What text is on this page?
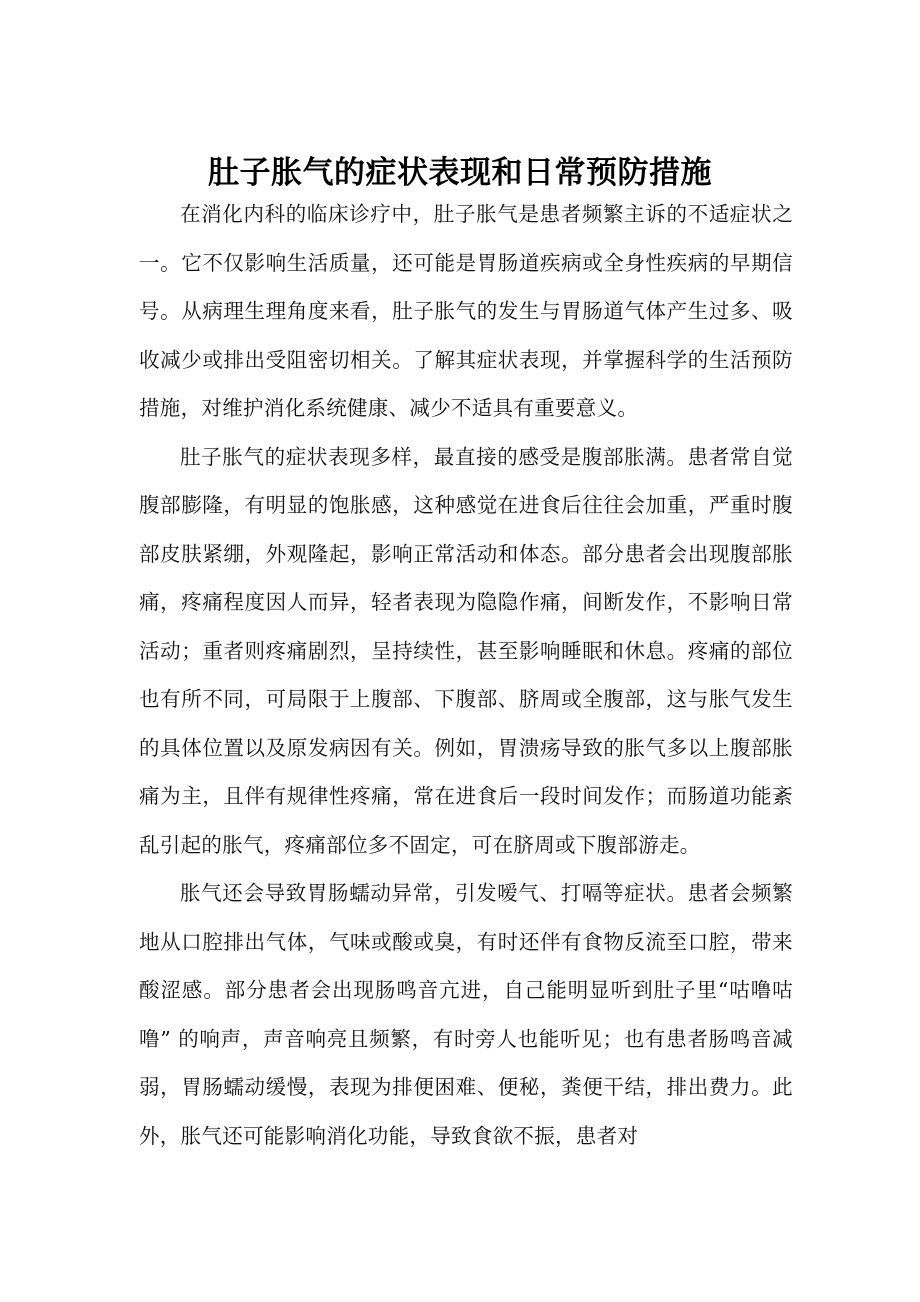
肚子胀气的症状表现和日常预防措施

在消化内科的临床诊疗中，肚子胀气是患者频繁主诉的不适症状之一。它不仅影响生活质量，还可能是胃肠道疾病或全身性疾病的早期信号。从病理生理角度来看，肚子胀气的发生与胃肠道气体产生过多、吸收减少或排出受阻密切相关。了解其症状表现，并掌握科学的生活预防措施，对维护消化系统健康、减少不适具有重要意义。

肚子胀气的症状表现多样，最直接的感受是腹部胀满。患者常自觉腹部膨隆，有明显的饱胀感，这种感觉在进食后往往会加重，严重时腹部皮肤紧绷，外观隆起，影响正常活动和体态。部分患者会出现腹部胀痛，疼痛程度因人而异，轻者表现为隐隐作痛，间断发作，不影响日常活动；重者则疼痛剧烈，呈持续性，甚至影响睡眠和休息。疼痛的部位也有所不同，可局限于上腹部、下腹部、脐周或全腹部，这与胀气发生的具体位置以及原发病因有关。例如，胃溃疡导致的胀气多以上腹部胀痛为主，且伴有规律性疼痛，常在进食后一段时间发作；而肠道功能紊乱引起的胀气，疼痛部位多不固定，可在脐周或下腹部游走。

胀气还会导致胃肠蠕动异常，引发嗳气、打嗝等症状。患者会频繁地从口腔排出气体，气味或酸或臭，有时还伴有食物反流至口腔，带来酸涩感。部分患者会出现肠鸣音亢进，自己能明显听到肚子里“咕噜咕噜” 的响声，声音响亮且频繁，有时旁人也能听见；也有患者肠鸣音减弱，胃肠蠕动缓慢，表现为排便困难、便秘，粪便干结，排出费力。此外，胀气还可能影响消化功能，导致食欲不振，患者对
